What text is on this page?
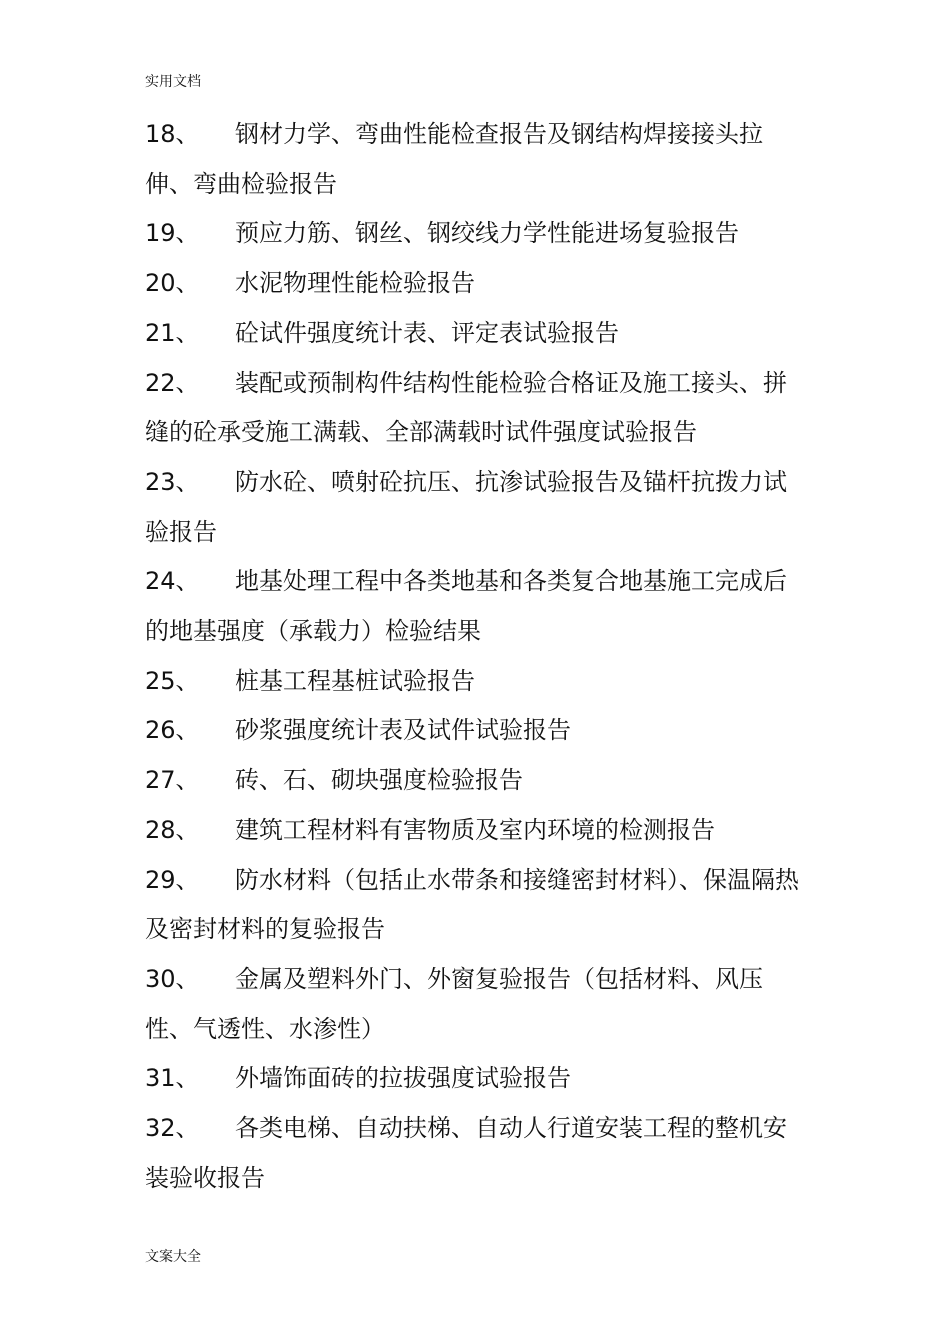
实用文档

18、 钢材力学、弯曲性能检查报告及钢结构焊接接头拉伸、弯曲检验报告

19、 预应力筋、钢丝、钢绞线力学性能进场复验报告

20、 水泥物理性能检验报告

21、 砼试件强度统计表、评定表试验报告

22、 装配或预制构件结构性能检验合格证及施工接头、拼缝的砼承受施工满载、全部满载时试件强度试验报告

23、 防水砼、喷射砼抗压、抗渗试验报告及锚杆抗拨力试验报告

24、 地基处理工程中各类地基和各类复合地基施工完成后的地基强度（承载力）检验结果

25、 桩基工程基桩试验报告

26、 砂浆强度统计表及试件试验报告

27、 砖、石、砌块强度检验报告

28、 建筑工程材料有害物质及室内环境的检测报告

29、 防水材料（包括止水带条和接缝密封材料）、保温隔热及密封材料的复验报告

30、 金属及塑料外门、外窗复验报告（包括材料、风压性、气透性、水渗性）

31、 外墙饰面砖的拉拔强度试验报告

32、 各类电梯、自动扶梯、自动人行道安装工程的整机安装验收报告

文案大全
